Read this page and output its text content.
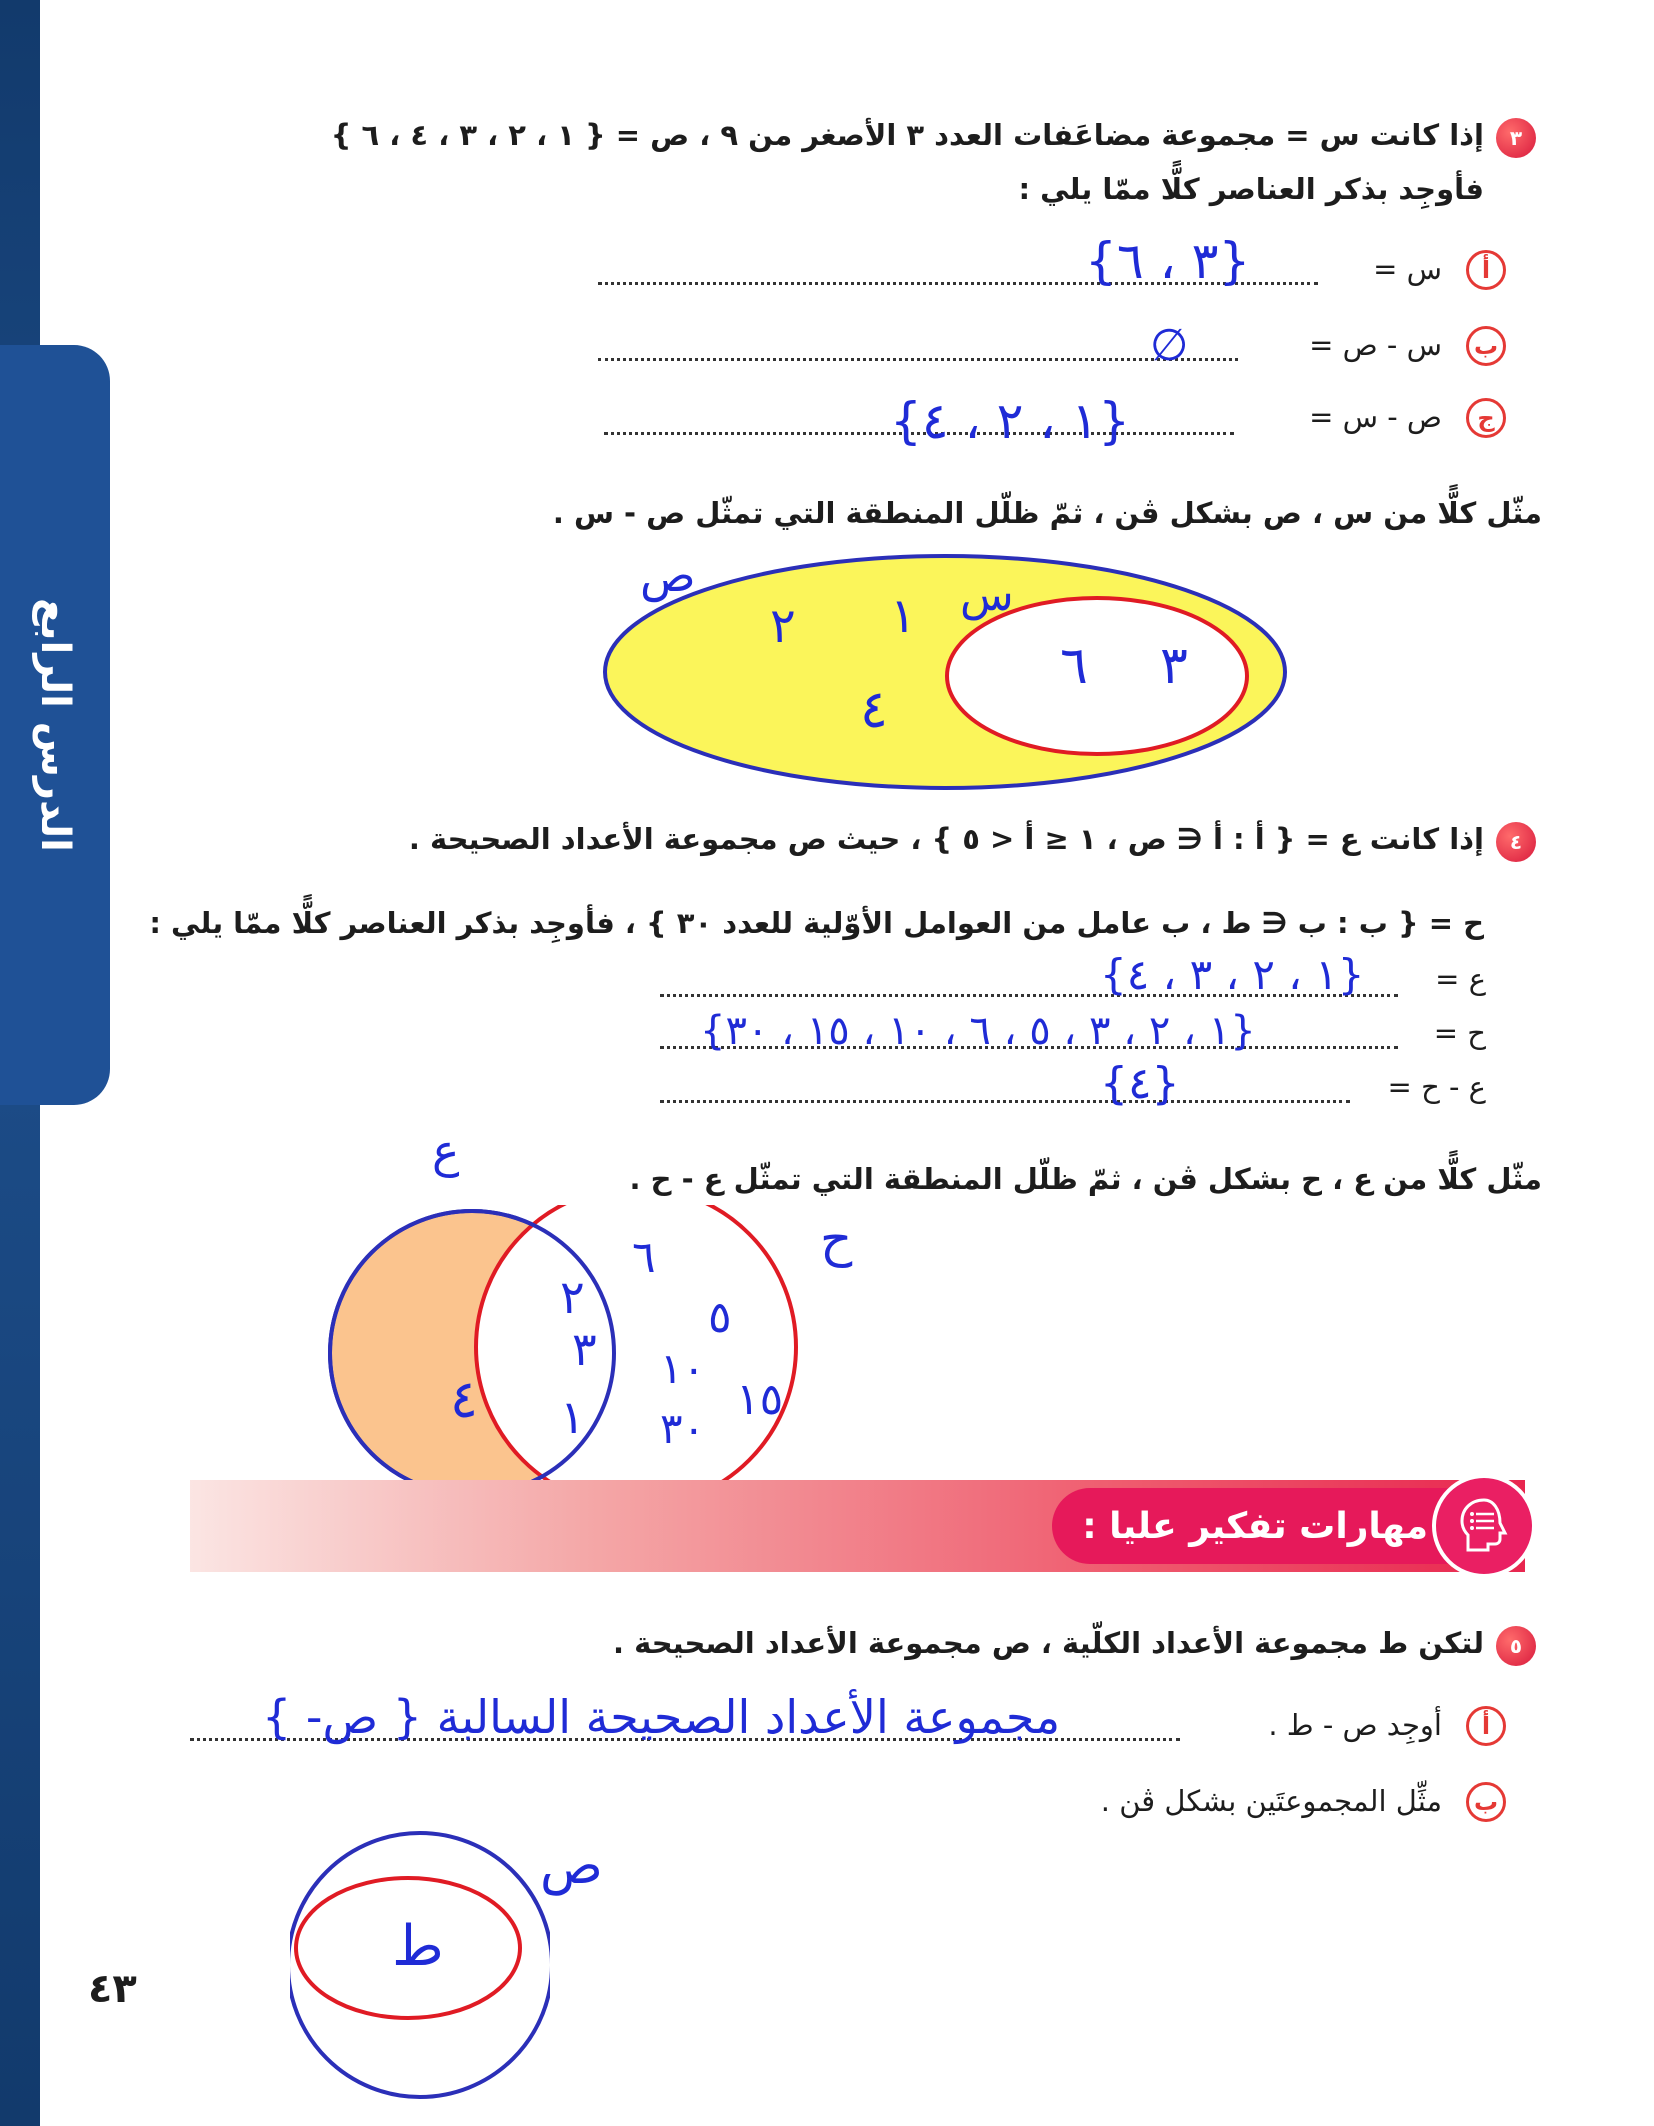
الدرس الرابع
٣
إذا كانت س = مجموعة مضاعَفات العدد ٣ الأصغر من ٩ ، ص = { ١ ، ٢ ، ٣ ، ٤ ، ٦ }
فأوجِد بذكر العناصر كلًّا ممّا يلي :
أ
س =
{٣ ، ٦}
ب
س - ص =
∅
ج
ص - س =
{١ ، ٢ ، ٤}
مثّل كلًّا من س ، ص بشكل ڤن ، ثمّ ظلّل المنطقة التي تمثّل ص - س .
ص	س
١
٢
٤
٣
٦
٤
إذا كانت ع = { أ : أ ∈ ص ، ١ ≤ أ < ٥ } ، حيث ص مجموعة الأعداد الصحيحة .
ح = { ب : ب ∈ ط ، ب عامل من العوامل الأوّلية للعدد ٣٠ } ، فأوجِد بذكر العناصر كلًّا ممّا يلي :
ع =
{١ ، ٢ ، ٣ ، ٤}
ح =
{١ ، ٢ ، ٣ ، ٥ ، ٦ ، ١٠ ، ١٥ ، ٣٠}
ع - ح =
{٤}
مثّل كلًّا من ع ، ح بشكل ڤن ، ثمّ ظلّل المنطقة التي تمثّل ع - ح .
ع
ح
٤
٢
٣
١
٦
٥
١٠
١٥
٣٠
مهارات تفكير عليا :
٥
لتكن ط مجموعة الأعداد الكلّية ، ص مجموعة الأعداد الصحيحة .
أ
أوجِد ص - ط .
مجموعة الأعداد الصحيحة السالبة { ص- }
ب
مثِّل المجموعتَين بشكل ڤن .
ص
ط
٤٣
